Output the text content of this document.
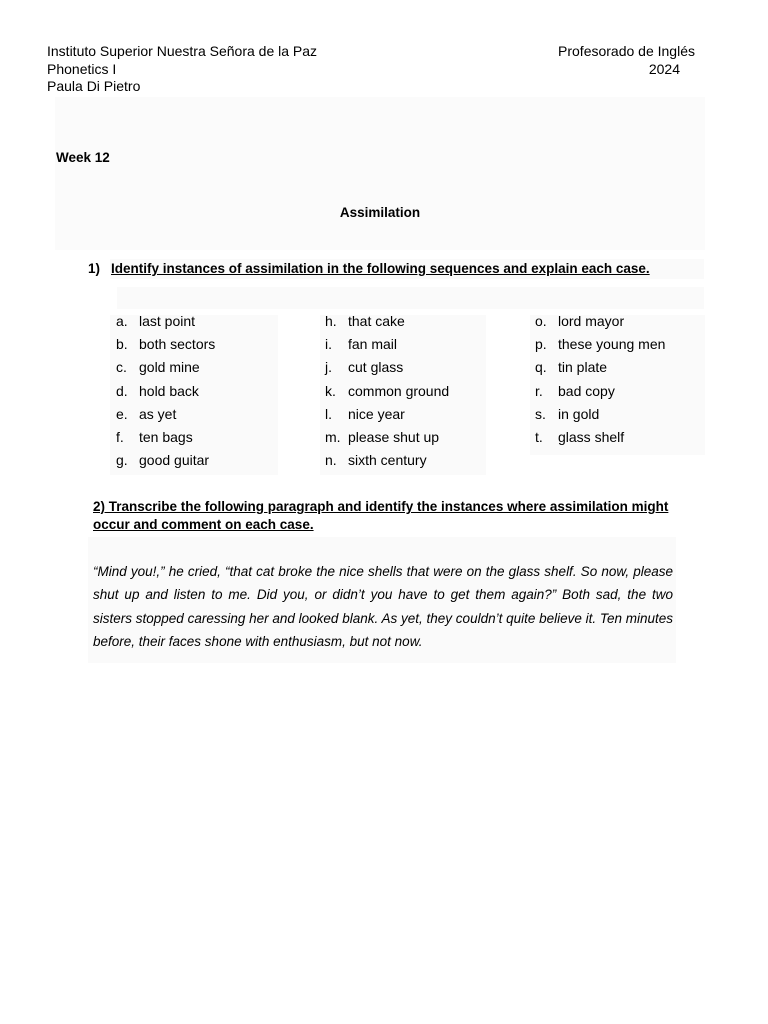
Instituto Superior Nuestra Señora de la Paz
Phonetics I
Paula Di Pietro
Profesorado de Inglés
2024
Week 12
Assimilation
1) Identify instances of assimilation in the following sequences and explain each case.
a. last point
b. both sectors
c. gold mine
d. hold back
e. as yet
f. ten bags
g. good guitar
h. that cake
i. fan mail
j. cut glass
k. common ground
l. nice year
m. please shut up
n. sixth century
o. lord mayor
p. these young men
q. tin plate
r. bad copy
s. in gold
t. glass shelf
2) Transcribe the following paragraph and identify the instances where assimilation might occur and comment on each case.
“Mind you!,” he cried, “that cat broke the nice shells that were on the glass shelf. So now, please shut up and listen to me. Did you, or didn’t you have to get them again?” Both sad, the two sisters stopped caressing her and looked blank. As yet, they couldn’t quite believe it. Ten minutes before, their faces shone with enthusiasm, but not now.
